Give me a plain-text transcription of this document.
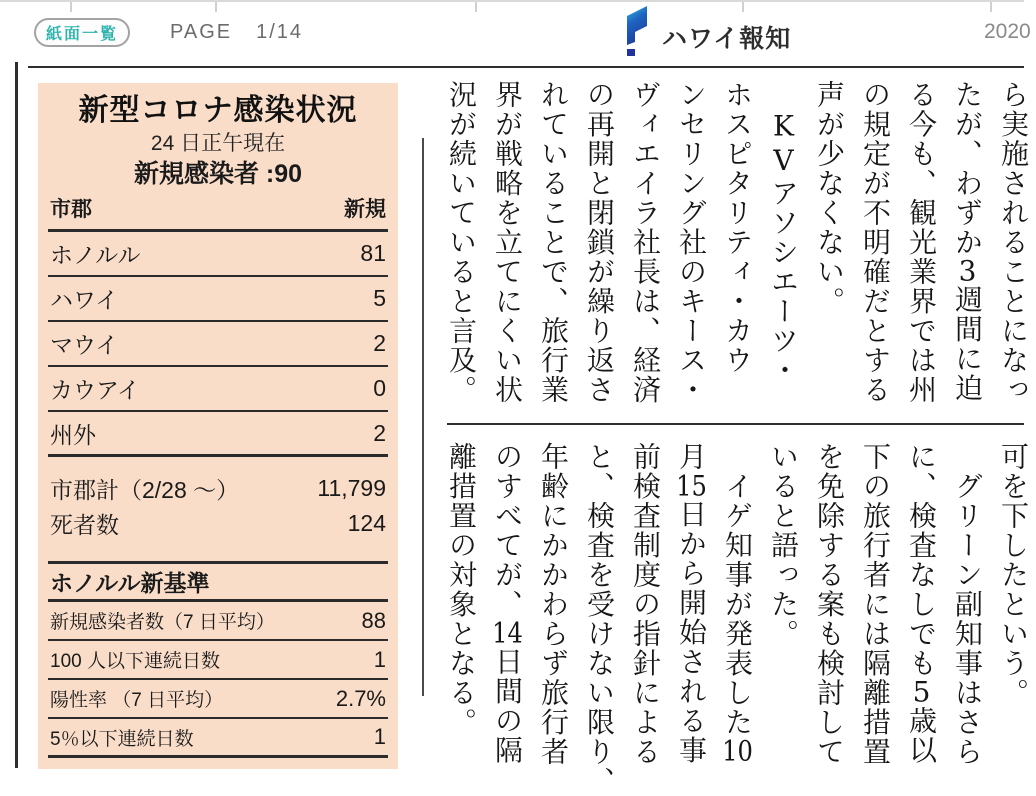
紙面一覧	PAGE 1/14	ハワイ報知	2020
新型コロナ感染状況
24 日正午現在
新規感染者 :90
市郡	新規
ホノルル	81
ハワイ	5
マウイ	2
カウアイ	0
州外	2
市郡計（2/28 〜）	11,799
死者数	124
ホノルル新基準
新規感染者数（7 日平均）	88
100 人以下連続日数	1
陽性率 （7 日平均）	2.7%
5％以下連続日数	1
ら実施されることになっ
たが、わずか3週間に迫
る今も、観光業界では州
の規定が不明確だとする
声が少なくない。
　KVアソシエーツ・
ホスピタリティ・カウ
ンセリング社のキース・
ヴィエイラ社長は、経済
の再開と閉鎖が繰り返さ
れていることで、旅行業
界が戦略を立てにくい状
況が続いていると言及。
可を下したという。
　グリーン副知事はさら
に、検査なしでも5歳以
下の旅行者には隔離措置
を免除する案も検討して
いると語った。
　イゲ知事が発表した10
月15日から開始される事
前検査制度の指針による
と、検査を受けない限り、
年齢にかかわらず旅行者
のすべてが、14日間の隔
離措置の対象となる。
